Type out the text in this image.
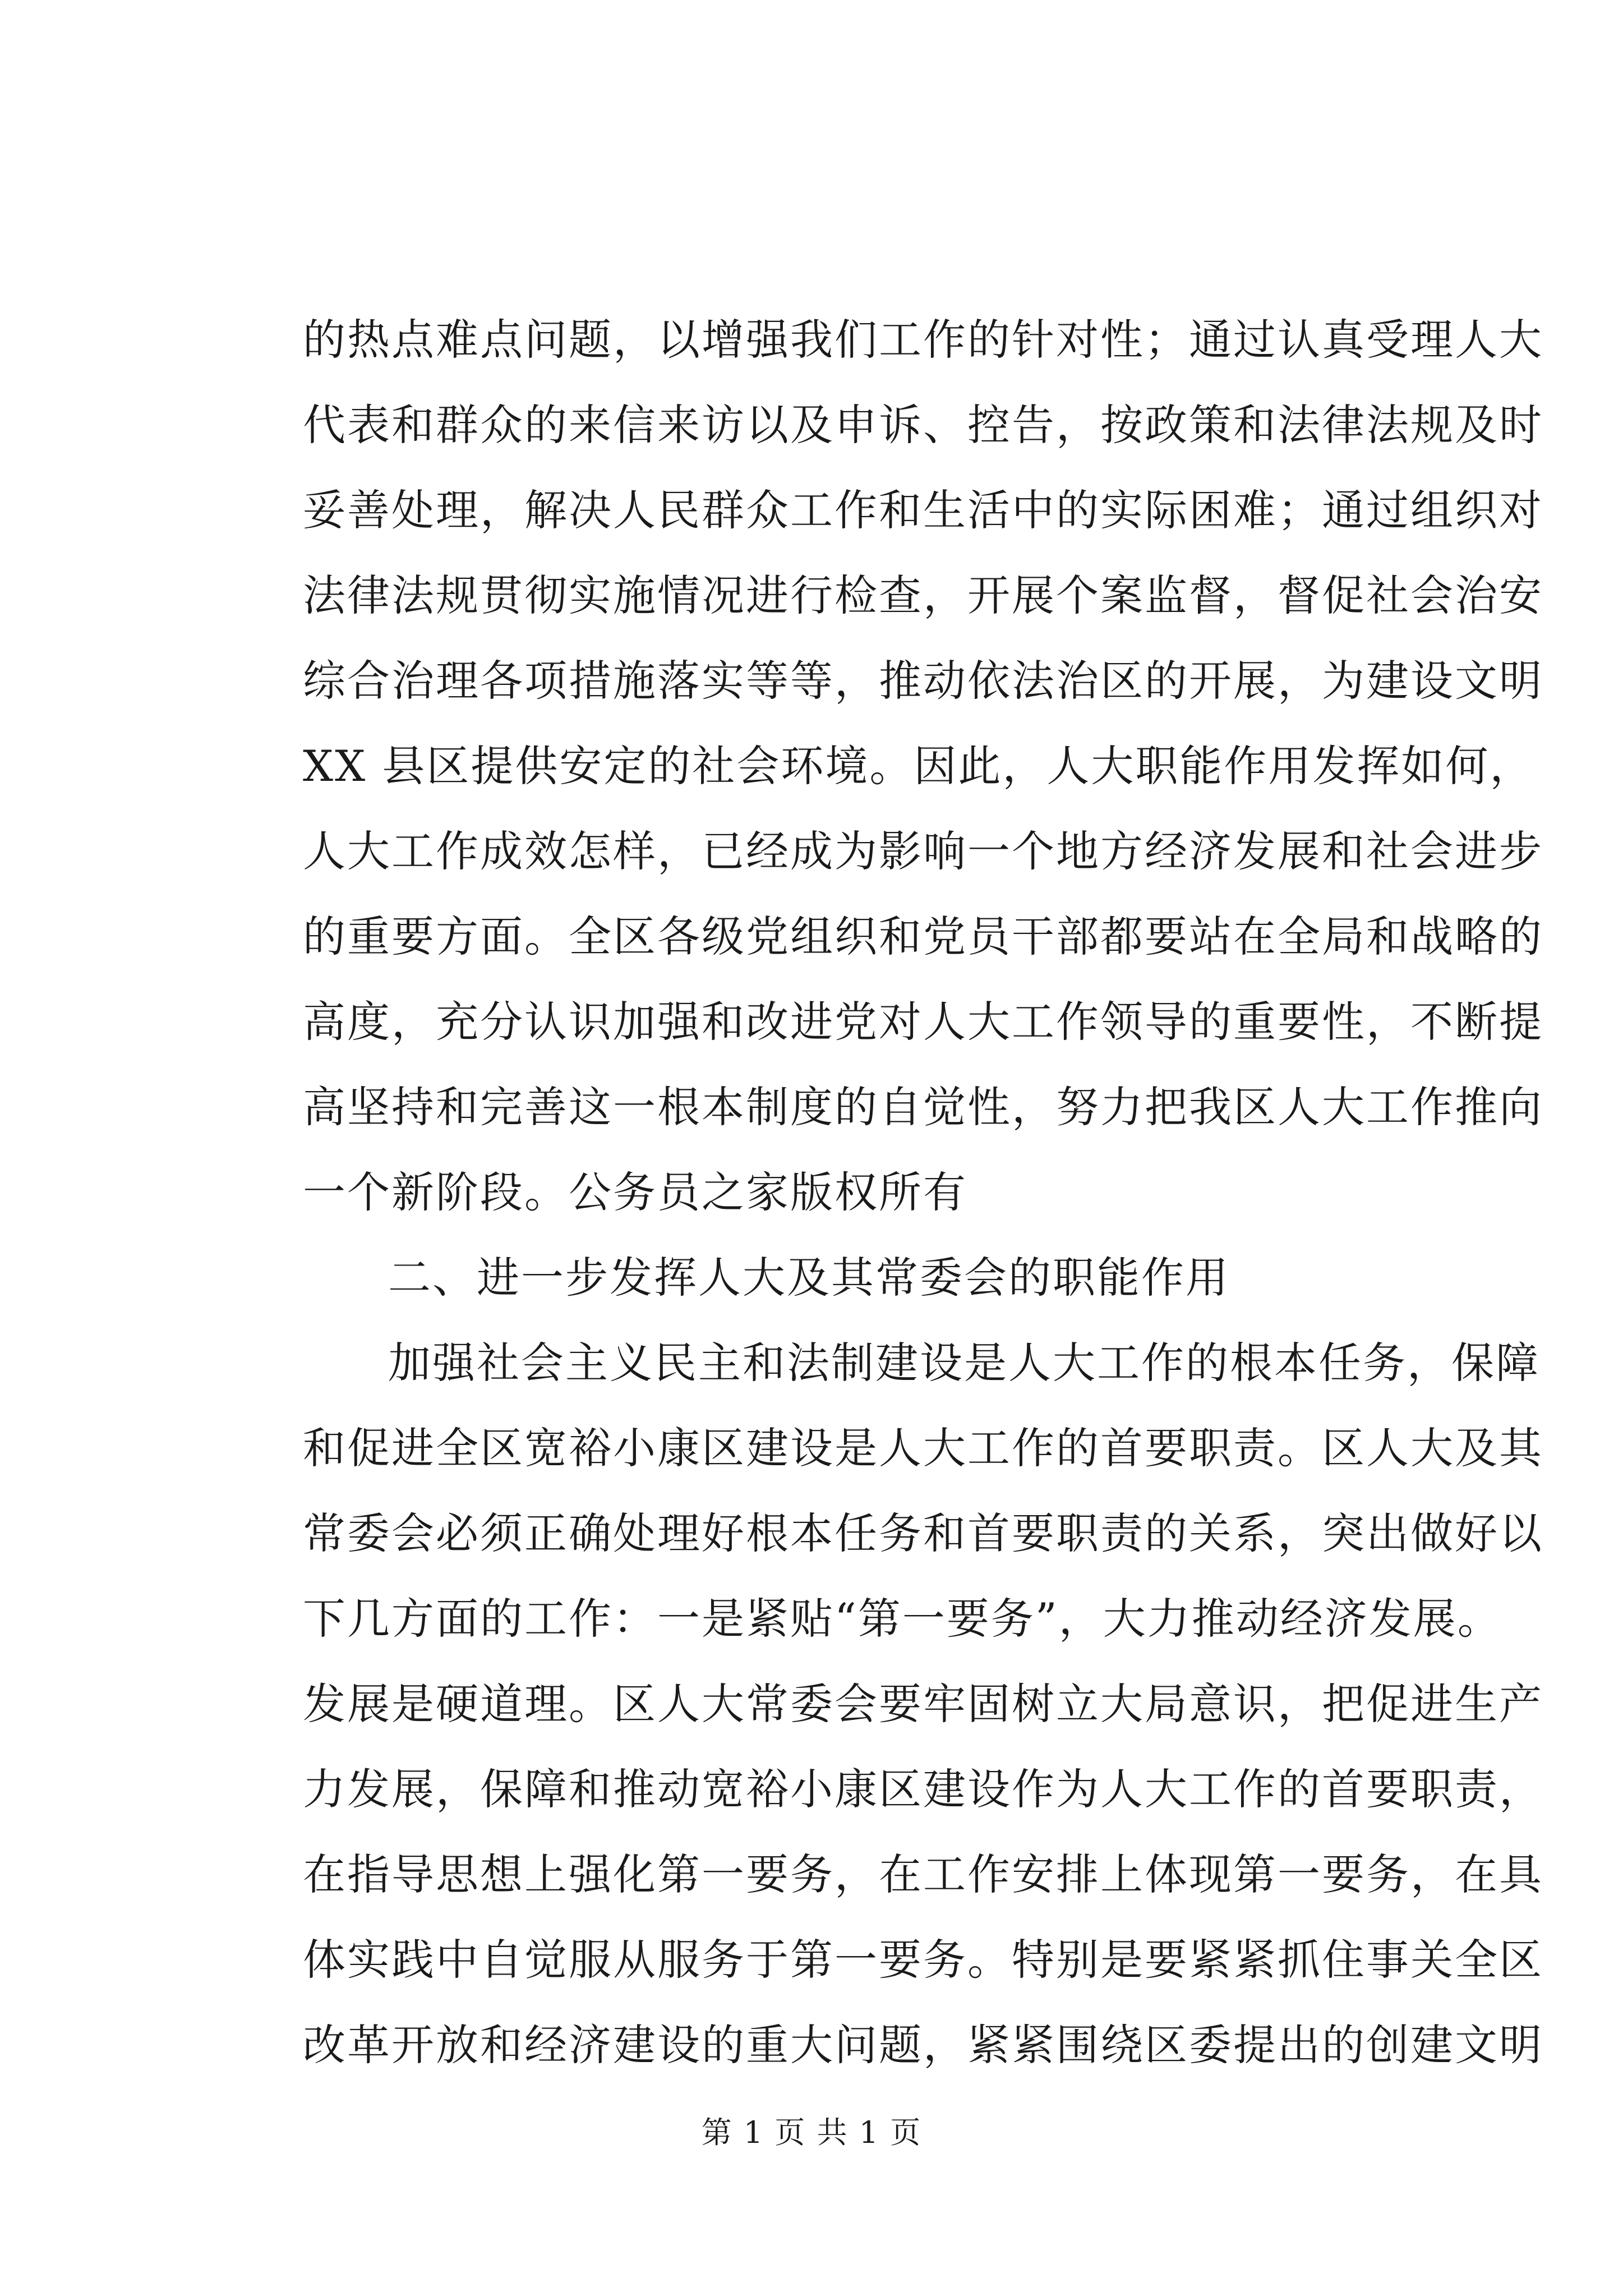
的热点难点问题，以增强我们工作的针对性；通过认真受理人大
代表和群众的来信来访以及申诉、控告，按政策和法律法规及时
妥善处理，解决人民群众工作和生活中的实际困难；通过组织对
法律法规贯彻实施情况进行检查，开展个案监督，督促社会治安
综合治理各项措施落实等等，推动依法治区的开展，为建设文明
XX 县区提供安定的社会环境。因此，人大职能作用发挥如何，
人大工作成效怎样，已经成为影响一个地方经济发展和社会进步
的重要方面。全区各级党组织和党员干部都要站在全局和战略的
高度，充分认识加强和改进党对人大工作领导的重要性，不断提
高坚持和完善这一根本制度的自觉性，努力把我区人大工作推向
一个新阶段。公务员之家版权所有
二、进一步发挥人大及其常委会的职能作用
加强社会主义民主和法制建设是人大工作的根本任务，保障
和促进全区宽裕小康区建设是人大工作的首要职责。区人大及其
常委会必须正确处理好根本任务和首要职责的关系，突出做好以
下几方面的工作：一是紧贴“第一要务”，大力推动经济发展。
发展是硬道理。区人大常委会要牢固树立大局意识，把促进生产
力发展，保障和推动宽裕小康区建设作为人大工作的首要职责，
在指导思想上强化第一要务，在工作安排上体现第一要务，在具
体实践中自觉服从服务于第一要务。特别是要紧紧抓住事关全区
改革开放和经济建设的重大问题，紧紧围绕区委提出的创建文明
第 1 页 共 1 页
